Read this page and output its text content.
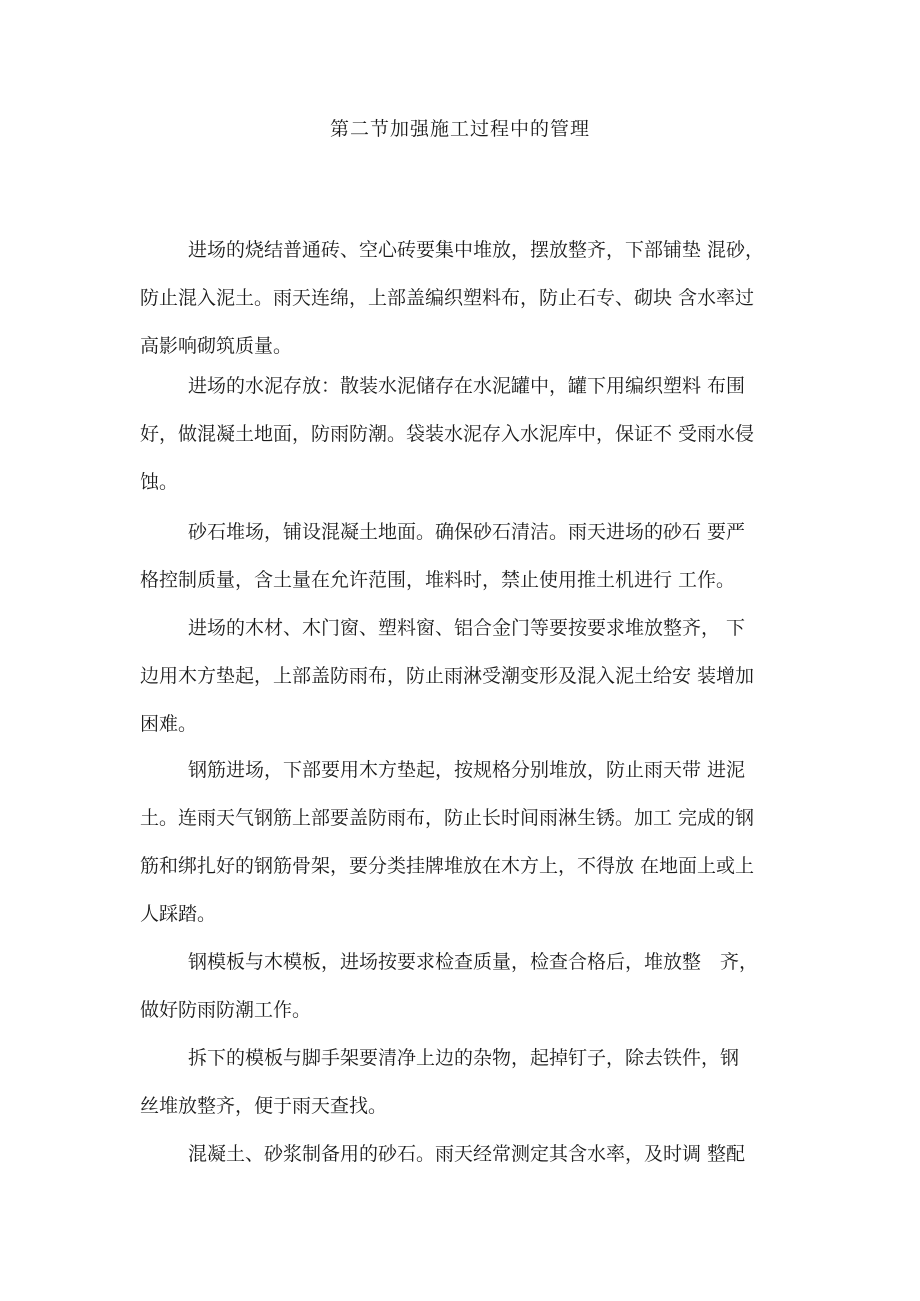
第二节加强施工过程中的管理
进场的烧结普通砖、空心砖要集中堆放，摆放整齐，下部铺垫 混砂，
防止混入泥土。雨天连绵，上部盖编织塑料布，防止石专、砌块 含水率过
高影响砌筑质量。
进场的水泥存放：散装水泥储存在水泥罐中，罐下用编织塑料 布围
好，做混凝土地面，防雨防潮。袋装水泥存入水泥库中，保证不 受雨水侵
蚀。
砂石堆场，铺设混凝土地面。确保砂石清洁。雨天进场的砂石 要严
格控制质量，含土量在允许范围，堆料时，禁止使用推土机进行 工作。
进场的木材、木门窗、塑料窗、铝合金门等要按要求堆放整齐， 下
边用木方垫起，上部盖防雨布，防止雨淋受潮变形及混入泥土给安 装增加
困难。
钢筋进场，下部要用木方垫起，按规格分别堆放，防止雨天带 进泥
土。连雨天气钢筋上部要盖防雨布，防止长时间雨淋生锈。加工 完成的钢
筋和绑扎好的钢筋骨架，要分类挂牌堆放在木方上，不得放 在地面上或上
人踩踏。
钢模板与木模板，进场按要求检查质量，检查合格后，堆放整　齐，
做好防雨防潮工作。
拆下的模板与脚手架要清净上边的杂物，起掉钉子，除去铁件，钢
丝堆放整齐，便于雨天查找。
混凝土、砂浆制备用的砂石。雨天经常测定其含水率，及时调 整配
